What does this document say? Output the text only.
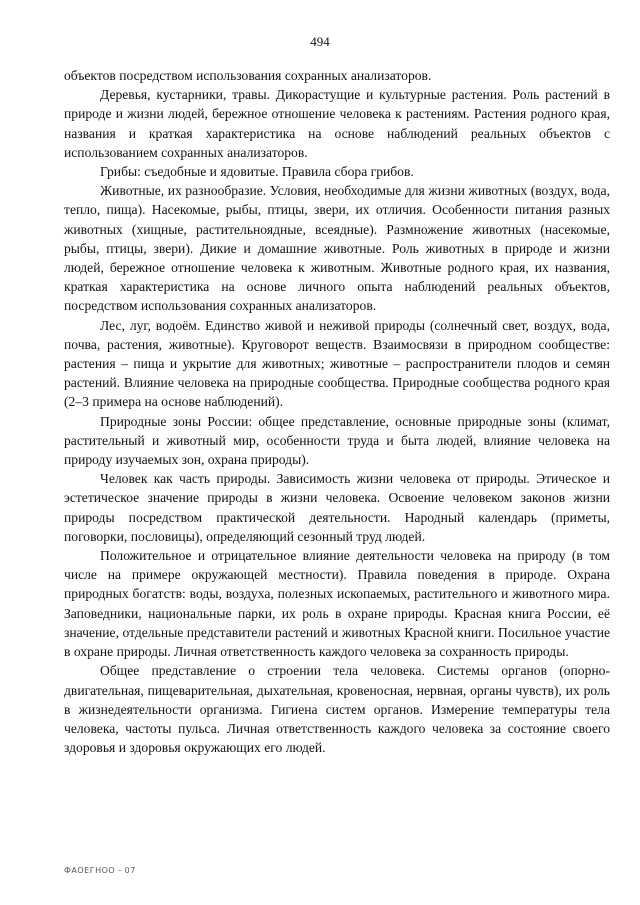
494

объектов посредством использования сохранных анализаторов.

Деревья, кустарники, травы. Дикорастущие и культурные растения. Роль растений в природе и жизни людей, бережное отношение человека к растениям. Растения родного края, названия и краткая характеристика на основе наблюдений реальных объектов с использованием сохранных анализаторов.

Грибы: съедобные и ядовитые. Правила сбора грибов.

Животные, их разнообразие. Условия, необходимые для жизни животных (воздух, вода, тепло, пища). Насекомые, рыбы, птицы, звери, их отличия. Особенности питания разных животных (хищные, растительноядные, всеядные). Размножение животных (насекомые, рыбы, птицы, звери). Дикие и домашние животные. Роль животных в природе и жизни людей, бережное отношение человека к животным. Животные родного края, их названия, краткая характеристика на основе личного опыта наблюдений реальных объектов, посредством использования сохранных анализаторов.

Лес, луг, водоём. Единство живой и неживой природы (солнечный свет, воздух, вода, почва, растения, животные). Круговорот веществ. Взаимосвязи в природном сообществе: растения – пища и укрытие для животных; животные – распространители плодов и семян растений. Влияние человека на природные сообщества. Природные сообщества родного края (2–3 примера на основе наблюдений).

Природные зоны России: общее представление, основные природные зоны (климат, растительный и животный мир, особенности труда и быта людей, влияние человека на природу изучаемых зон, охрана природы).

Человек как часть природы. Зависимость жизни человека от природы. Этическое и эстетическое значение природы в жизни человека. Освоение человеком законов жизни природы посредством практической деятельности. Народный календарь (приметы, поговорки, пословицы), определяющий сезонный труд людей.

Положительное и отрицательное влияние деятельности человека на природу (в том числе на примере окружающей местности). Правила поведения в природе. Охрана природных богатств: воды, воздуха, полезных ископаемых, растительного и животного мира. Заповедники, национальные парки, их роль в охране природы. Красная книга России, её значение, отдельные представители растений и животных Красной книги. Посильное участие в охране природы. Личная ответственность каждого человека за сохранность природы.

Общее представление о строении тела человека. Системы органов (опорно-двигательная, пищеварительная, дыхательная, кровеносная, нервная, органы чувств), их роль в жизнедеятельности организма. Гигиена систем органов. Измерение температуры тела человека, частоты пульса. Личная ответственность каждого человека за состояние своего здоровья и здоровья окружающих его людей.

ФАОЕГНОО - 07
